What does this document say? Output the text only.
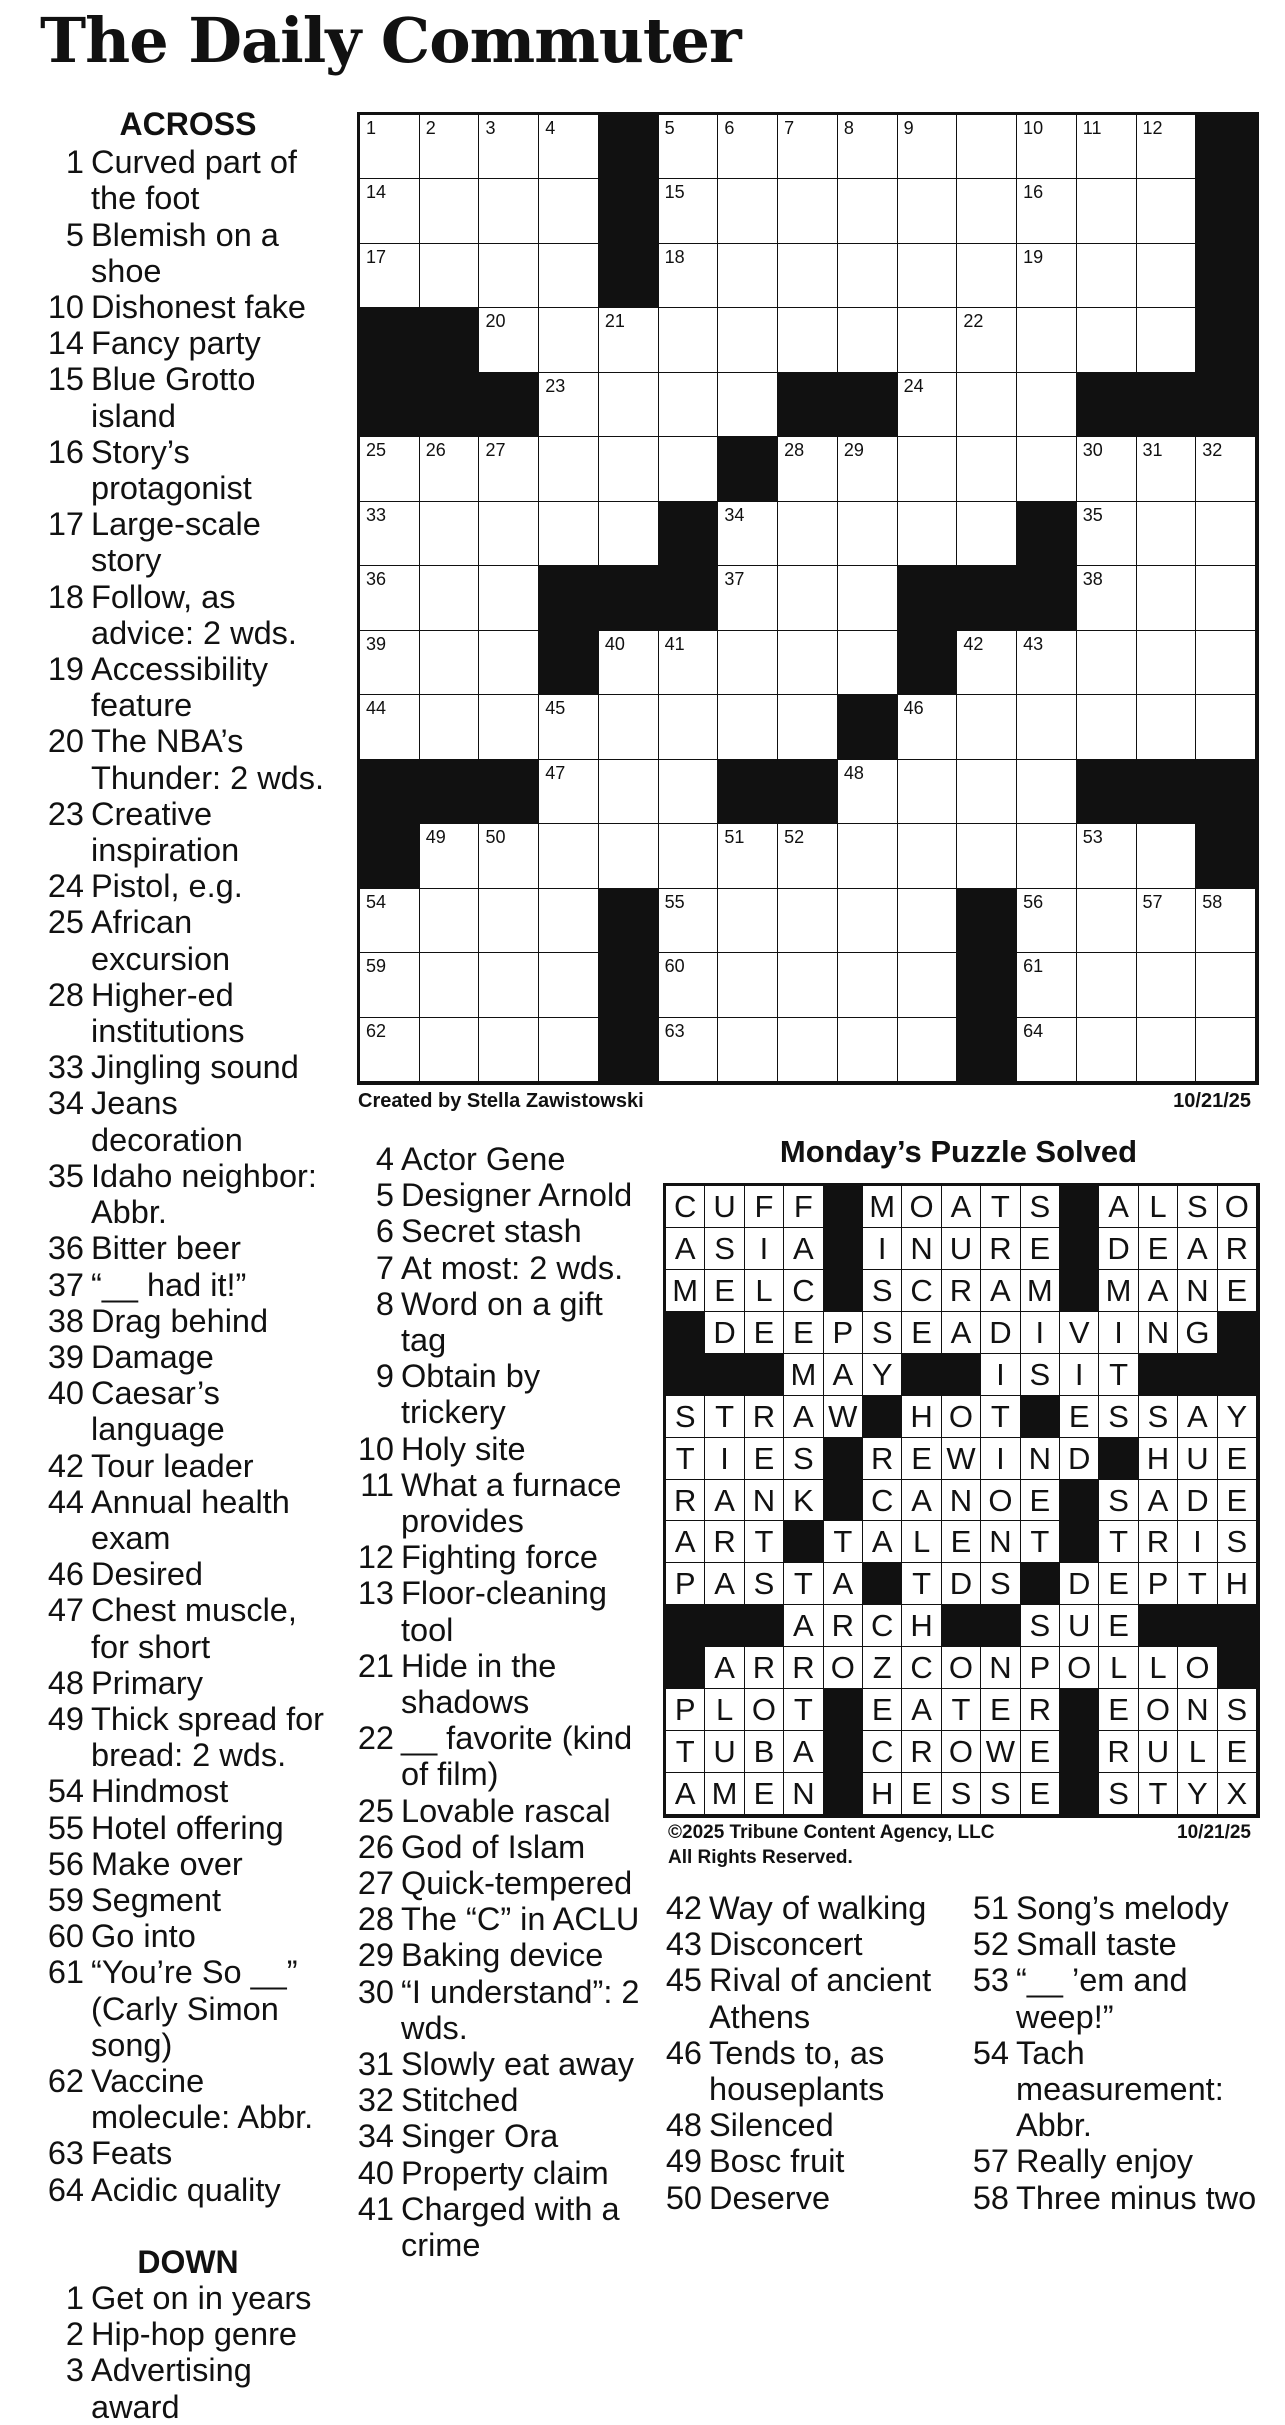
The Daily Commuter
ACROSS
1 Curved part of the foot
5 Blemish on a shoe
10 Dishonest fake
14 Fancy party
15 Blue Grotto island
16 Story’s protagonist
17 Large-scale story
18 Follow, as advice: 2 wds.
19 Accessibility feature
20 The NBA’s Thunder: 2 wds.
23 Creative inspiration
24 Pistol, e.g.
25 African excursion
28 Higher-ed institutions
33 Jingling sound
34 Jeans decoration
35 Idaho neighbor: Abbr.
36 Bitter beer
37 “__ had it!”
38 Drag behind
39 Damage
40 Caesar’s language
42 Tour leader
44 Annual health exam
46 Desired
47 Chest muscle, for short
48 Primary
49 Thick spread for bread: 2 wds.
54 Hindmost
55 Hotel offering
56 Make over
59 Segment
60 Go into
61 “You’re So __” (Carly Simon song)
62 Vaccine molecule: Abbr.
63 Feats
64 Acidic quality
DOWN
1 Get on in years
2 Hip-hop genre
3 Advertising award
1	2	3	4	5	6	7	8	9	10 11 12
14	15	16
17	18	19
20	21	22
23	24
25 26 27	28 29	30 31 32
33	34	35
36	37	38
39	40 41	42 43
44	45	46
47	48
49 50	51 52	53
54	55	56	57 58
59	60	61
62	63	64
Created by Stella Zawistowski	10/21/25
4 Actor Gene
5 Designer Arnold
6 Secret stash
7 At most: 2 wds.
8 Word on a gift tag
9 Obtain by trickery
10 Holy site
11 What a furnace provides
12 Fighting force
13 Floor-cleaning tool
21 Hide in the shadows
22 __ favorite (kind of film)
25 Lovable rascal
26 God of Islam
27 Quick-tempered
28 The “C” in ACLU
29 Baking device
30 “I understand”: 2 wds.
31 Slowly eat away
32 Stitched
34 Singer Ora
40 Property claim
41 Charged with a crime
Monday’s Puzzle Solved
C U F F	M O A T S A L S O
A S I A	I N U R E D E A R
M E L C S C R A M M A N E
D E E P S E A D I V I N G
M A Y	I S I T
S T R A W H O T	E S S A Y
T I E S R E W I N D H U E
R A N K C A N O E S A D E
A R T	T A L E N T	T R I S
P A S T A	T D S D E P T H
A R C H	S U E
A R R O Z C O N P O L L O
P L O T	E A T E R E O N S
T U B A C R O W E R U L E
A M E N H E S S E S T Y X
©2025 Tribune Content Agency, LLC
All Rights Reserved.
10/21/25
42 Way of walking
43 Disconcert
45 Rival of ancient Athens
46 Tends to, as houseplants
48 Silenced
49 Bosc fruit
50 Deserve
51 Song’s melody
52 Small taste
53 “__ ’em and weep!”
54 Tach measurement: Abbr.
57 Really enjoy
58 Three minus two
